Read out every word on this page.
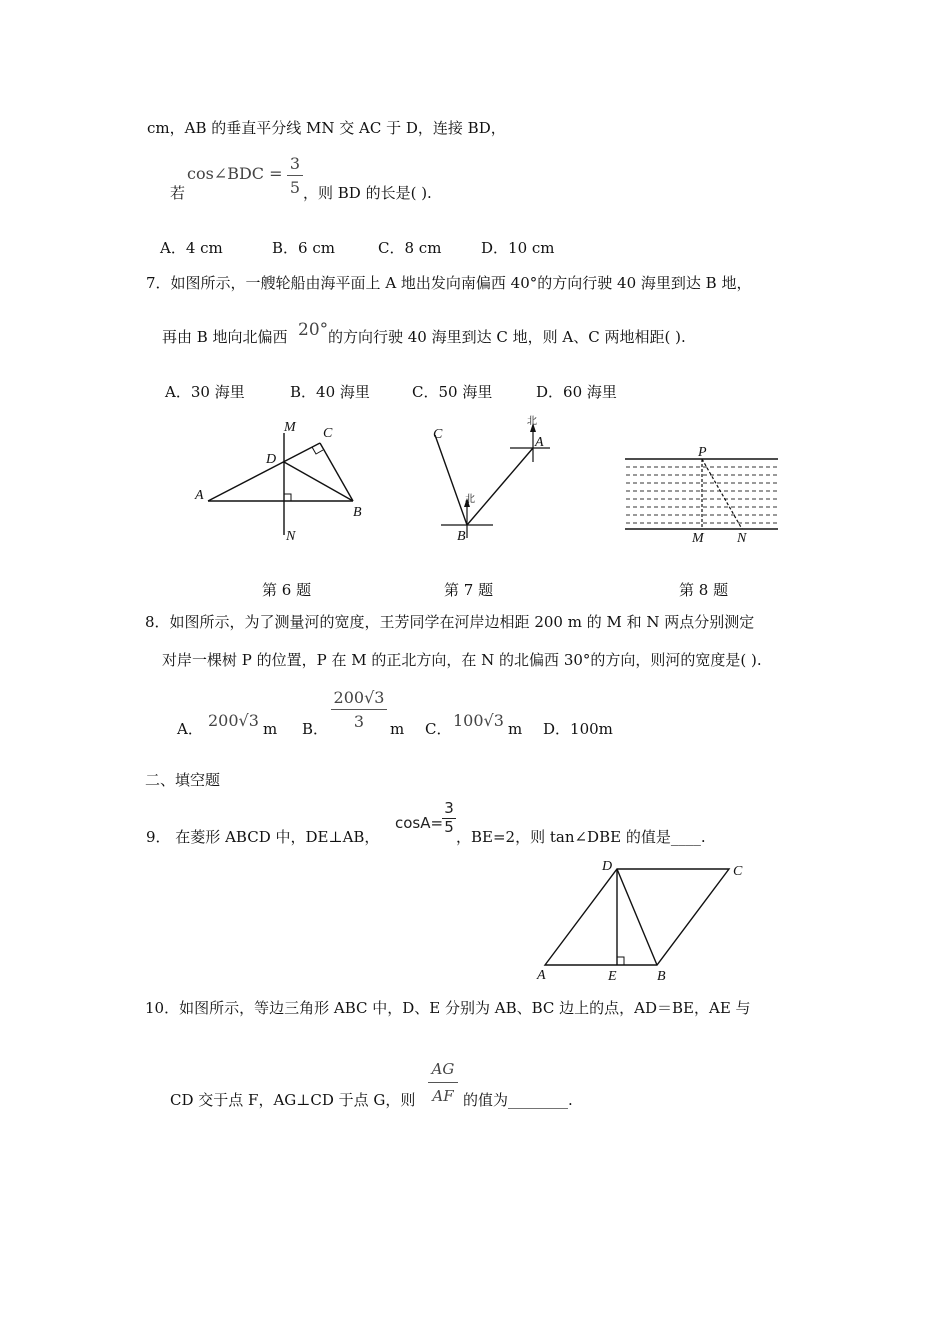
cm，AB 的垂直平分线 MN 交 AC 于 D，连接 BD，
若
cos∠BDC =
3
5 ，则 BD 的长是( ).
A．4 cm	B．6 cm	C．8 cm	D．10 cm
7．如图所示，一艘轮船由海平面上 A 地出发向南偏西 40°的方向行驶 40 海里到达 B 地，
再由 B 地向北偏西 20° 的方向行驶 40 海里到达 C 地，则 A、C 两地相距( ).
A．30 海里	B．40 海里	C．50 海里	D．60 海里
M C
D
A
B
N
北
北
C
A
B
P
M N
第 6 题	第 7 题	第 8 题
8．如图所示，为了测量河的宽度，王芳同学在河岸边相距 200 m 的 M 和 N 两点分别测定
对岸一棵树 P 的位置，P 在 M 的正北方向，在 N 的北偏西 30°的方向，则河的宽度是( ).
A． 200√3 m B．
200√3
3	m C． 100√3 m D．100m
二、填空题
9． 在菱形 ABCD 中，DE⊥AB，
cosA=
3
5
，BE=2，则 tan∠DBE 的值是____.
D	C
A	E	B
10．如图所示，等边三角形 ABC 中，D、E 分别为 AB、BC 边上的点，AD＝BE，AE 与
CD 交于点 F，AG⊥CD 于点 G，则
AG
AF 的值为________.
